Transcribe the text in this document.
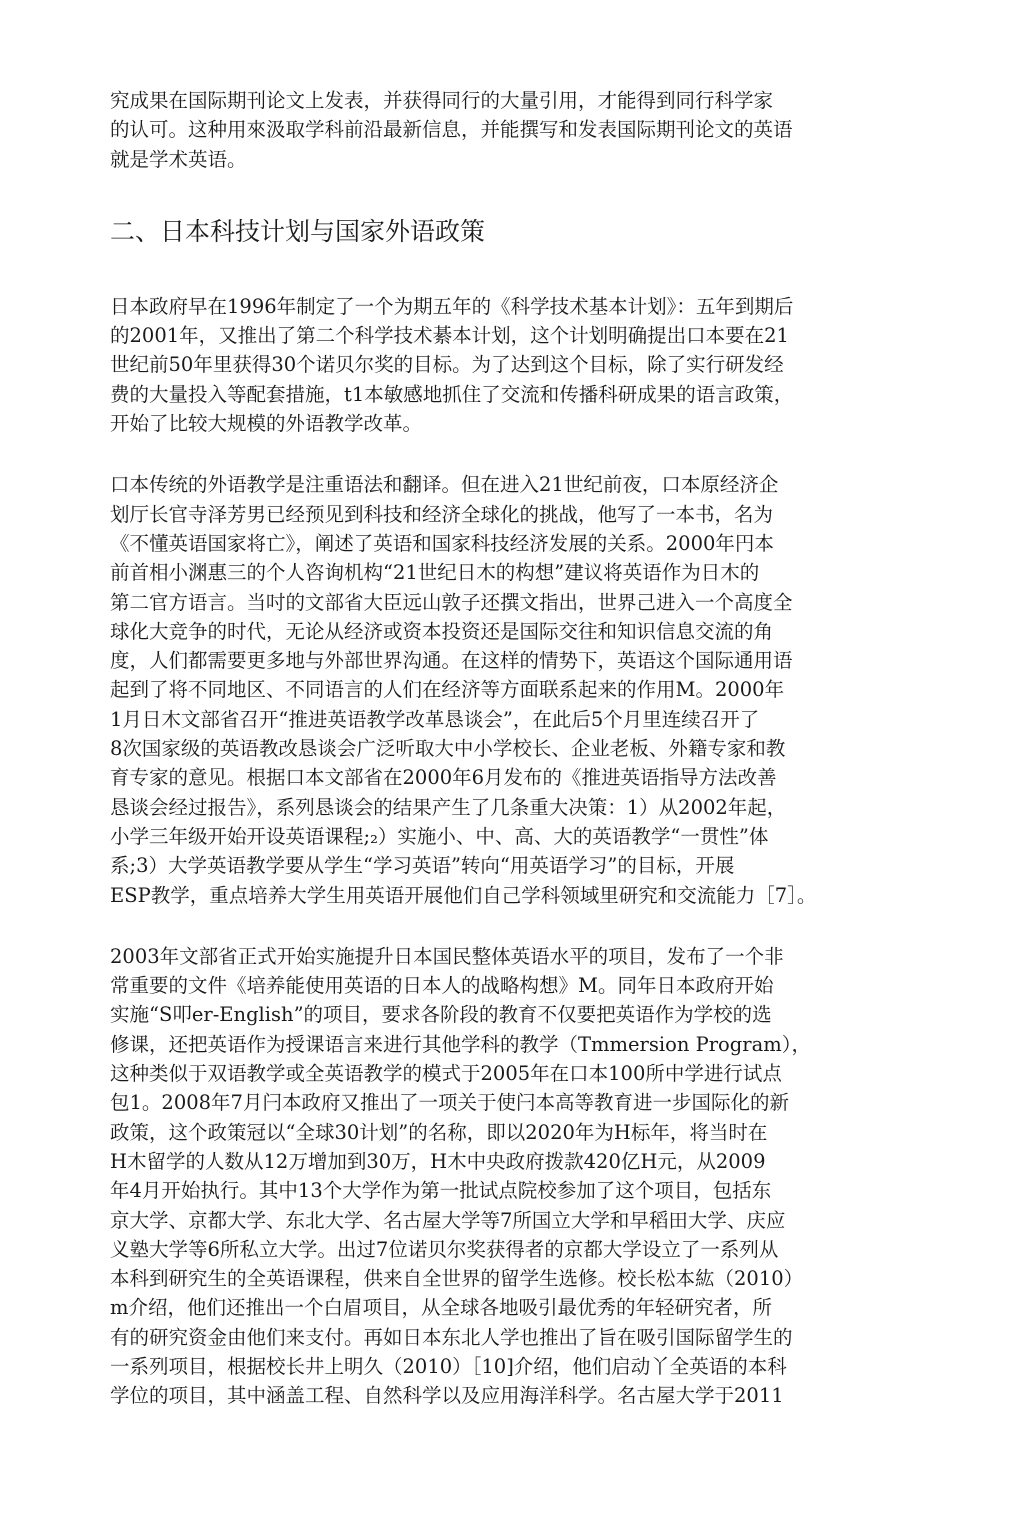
究成果在国际期刊论文上发表，并获得同行的大量引用，才能得到同行科学家
的认可。这种用來汲取学科前沿最新信息，并能撰写和发表国际期刊论文的英语
就是学术英语。
二、日本科技计划与国家外语政策
日本政府早在1996年制定了一个为期五年的《科学技术基本计划》：五年到期后
的2001年，又推出了第二个科学技术綦本计划，这个计划明确提岀口本要在21
世纪前50年里获得30个诺贝尔奖的目标。为了达到这个目标，除了实行研发经
费的大量投入等配套措施，t1本敏感地抓住了交流和传播科研成果的语言政策，
开始了比较大规模的外语教学改革。
口本传统的外语教学是注重语法和翻译。但在进入21世纪前夜，口本原经济企
划厅长官寺泽芳男已经预见到科技和经济全球化的挑战，他写了一本书，名为
《不懂英语国家将亡》，阐述了英语和国家科技经济发展的关系。2000年円本
前首相小渊惠三的个人咨询机构“21世纪日木的构想”建议将英语作为日木的
第二官方语言。当吋的文部省大臣远山敦子还撰文指出，世界己进入一个高度全
球化大竞争的时代，无论从经济或资本投资还是国际交往和知识信息交流的角
度，人们都需要更多地与外部世界沟通。在这样的情势下，英语这个国际通用语
起到了将不同地区、不同语言的人们在经济等方面联系起来的作用M。2000年
1月日木文部省召开“推进英语教学改革恳谈会”，在此后5个月里连续召开了
8次国家级的英语教改恳谈会广泛听取大中小学校长、企业老板、外籍专家和教
育专家的意见。根据口本文部省在2000年6月发布的《推进英语指导方法改善
恳谈会经过报告》，系列恳谈会的结果产生了几条重大决策：1）从2002年起，
小学三年级开始开设英语课程;₂）实施小、中、高、大的英语教学“一贯性”体
系;3）大学英语教学要从学生“学习英语”转向“用英语学习”的目标，开展
ESP教学，重点培养大学生用英语开展他们自己学科领域里研究和交流能力［7］。
2003年文部省正式开始实施提升日本国民整体英语水平的项目，发布了一个非
常重要的文件《培养能使用英语的日本人的战略构想》M。同年日本政府开始
实施“S叩er-English”的项目，要求各阶段的教育不仅要把英语作为学校的选
修课，还把英语作为授课语言来进行其他学科的教学（Tmmersion Program），
这种类似于双语教学或全英语教学的模式于2005年在口本100所中学进行试点
包1。2008年7月闩本政府又推出了一项关于使闩本高等教育进一步国际化的新
政策，这个政策冠以“全球30计划”的名称，即以2020年为H标年，将当时在
H木留学的人数从12万增加到30万，H木中央政府拨款420亿H元，从2009
年4月开始执行。其中13个大学作为第一批试点院校参加了这个项目，包括东
京大学、京都大学、东北大学、名古屋大学等7所国立大学和早稻田大学、庆应
义塾大学等6所私立大学。出过7位诺贝尔奖获得者的京都大学设立了一系列从
本科到研究生的全英语课程，供来自全世界的留学生选修。校长松本紘（2010）
m介绍，他们还推出一个白眉项目，从全球各地吸引最优秀的年轻研究者，所
有的研究资金由他们来支付。再如日本东北人学也推出了旨在吸引国际留学生的
一系列项目，根据校长井上明久（2010）［10]介绍，他们启动丫全英语的本科
学位的项目，其中涵盖工程、自然科学以及应用海洋科学。名古屋大学于2011
